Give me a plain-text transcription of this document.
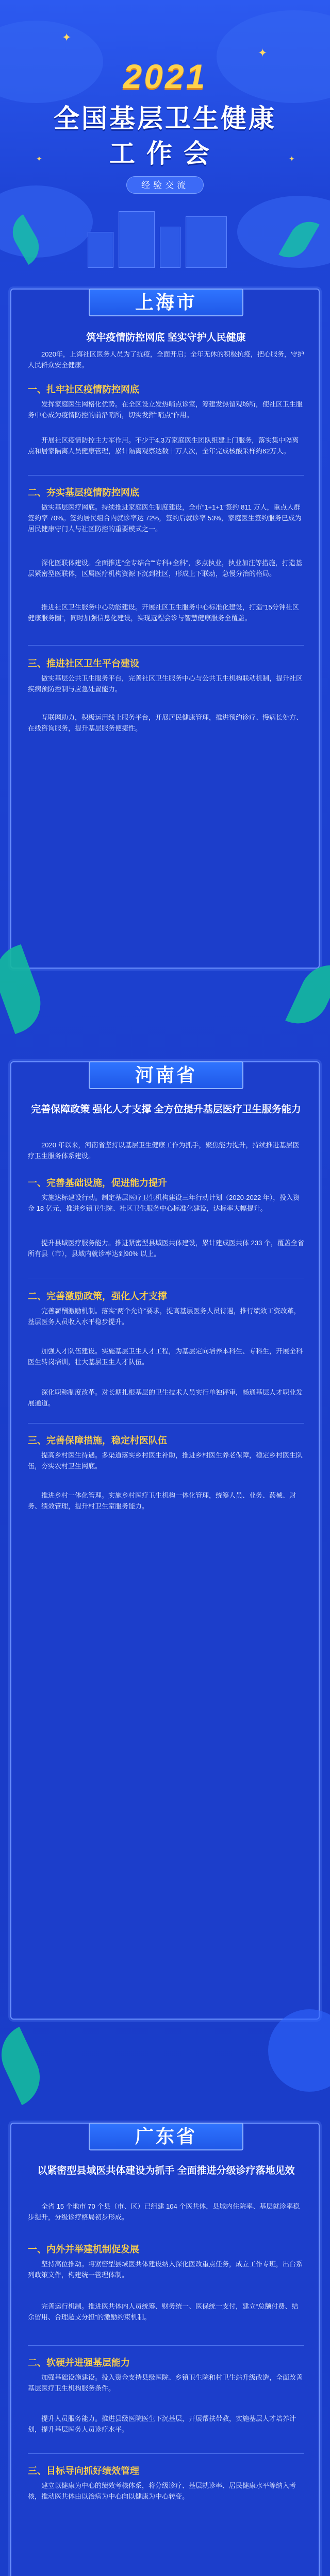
✦
✦
✦
✦
2021
全国基层卫生健康
工作会
经验交流
上海市
筑牢疫情防控网底 坚实守护人民健康
2020年，上海社区医务人员为了抗疫，全面开启；全年无休的积极抗疫，把心服务，守护人民群众安全健康。
一、扎牢社区疫情防控网底
发挥家庭医生网格化优势。在全区设立发热哨点诊室，筹建发热留观场所，使社区卫生服务中心成为疫情防控的前沿哨所，切实发挥“哨点”作用。
开展社区疫情防控主力军作用。不少于4.3万家庭医生团队组建上门服务，落实集中隔离点和居家隔离人员健康管理，累计隔离观察达数十万人次，全年完成核酸采样约62万人。
二、夯实基层疫情防控网底
做实基层医疗网底。持续推进家庭医生制度建设，全市“1+1+1”签约 811 万人，重点人群签约率 70%。签约居民组合内就诊率达 72%，签约后就诊率 53%，家庭医生签约服务已成为居民健康守门人与社区防控的重要模式之一。
深化医联体建设。全面推进“全专结合”“专科+全科”，多点执业，执业加注等措施，打造基层紧密型医联体，区属医疗机构资源下沉到社区，形成上下联动，急慢分治的格局。
推进社区卫生服务中心功能建设。开展社区卫生服务中心标准化建设，打造“15分钟社区健康服务圈”，同时加强信息化建设，实现远程会诊与智慧健康服务全覆盖。
三、推进社区卫生平台建设
做实基层公共卫生服务平台，完善社区卫生服务中心与公共卫生机构联动机制，提升社区疾病预防控制与应急处置能力。
互联网助力，积极运用线上服务平台，开展居民健康管理，推进预约诊疗、慢病长处方、在线咨询服务，提升基层服务便捷性。
河南省
完善保障政策 强化人才支撑 全方位提升基层医疗卫生服务能力
2020 年以来，河南省坚持以基层卫生健康工作为抓手，聚焦能力提升，持续推进基层医疗卫生服务体系建设。
一、完善基础设施，促进能力提升
实施达标建设行动。制定基层医疗卫生机构建设三年行动计划（2020-2022 年），投入资金 18 亿元，推进乡镇卫生院、社区卫生服务中心标准化建设，达标率大幅提升。
提升县域医疗服务能力。推进紧密型县域医共体建设，累计建成医共体 233 个，覆盖全省所有县（市），县域内就诊率达到90% 以上。
二、完善激励政策，强化人才支撑
完善薪酬激励机制。落实“两个允许”要求，提高基层医务人员待遇，推行绩效工资改革，基层医务人员收入水平稳步提升。
加强人才队伍建设。实施基层卫生人才工程，为基层定向培养本科生、专科生，开展全科医生转岗培训，壮大基层卫生人才队伍。
深化职称制度改革。对长期扎根基层的卫生技术人员实行单独评审，畅通基层人才职业发展通道。
三、完善保障措施，稳定村医队伍
提高乡村医生待遇。多渠道落实乡村医生补助，推进乡村医生养老保障，稳定乡村医生队伍，夯实农村卫生网底。
推进乡村一体化管理。实施乡村医疗卫生机构一体化管理，统筹人员、业务、药械、财务、绩效管理，提升村卫生室服务能力。
广东省
以紧密型县域医共体建设为抓手 全面推进分级诊疗落地见效
全省 15 个地市 70 个县（市、区）已组建 104 个医共体，县域内住院率、基层就诊率稳步提升，分级诊疗格局初步形成。
一、内外并举建机制促发展
坚持高位推动。将紧密型县域医共体建设纳入深化医改重点任务，成立工作专班，出台系列政策文件，构建统一管理体制。
完善运行机制。推进医共体内人员统筹、财务统一、医保统一支付，建立“总额付费、结余留用、合理超支分担”的激励约束机制。
二、软硬并进强基层能力
加强基础设施建设。投入资金支持县级医院、乡镇卫生院和村卫生站升级改造，全面改善基层医疗卫生机构服务条件。
提升人员服务能力。推进县级医院医生下沉基层，开展帮扶带教，实施基层人才培养计划，提升基层医务人员诊疗水平。
三、目标导向抓好绩效管理
建立以健康为中心的绩效考核体系，将分级诊疗、基层就诊率、居民健康水平等纳入考核，推动医共体由以治病为中心向以健康为中心转变。
